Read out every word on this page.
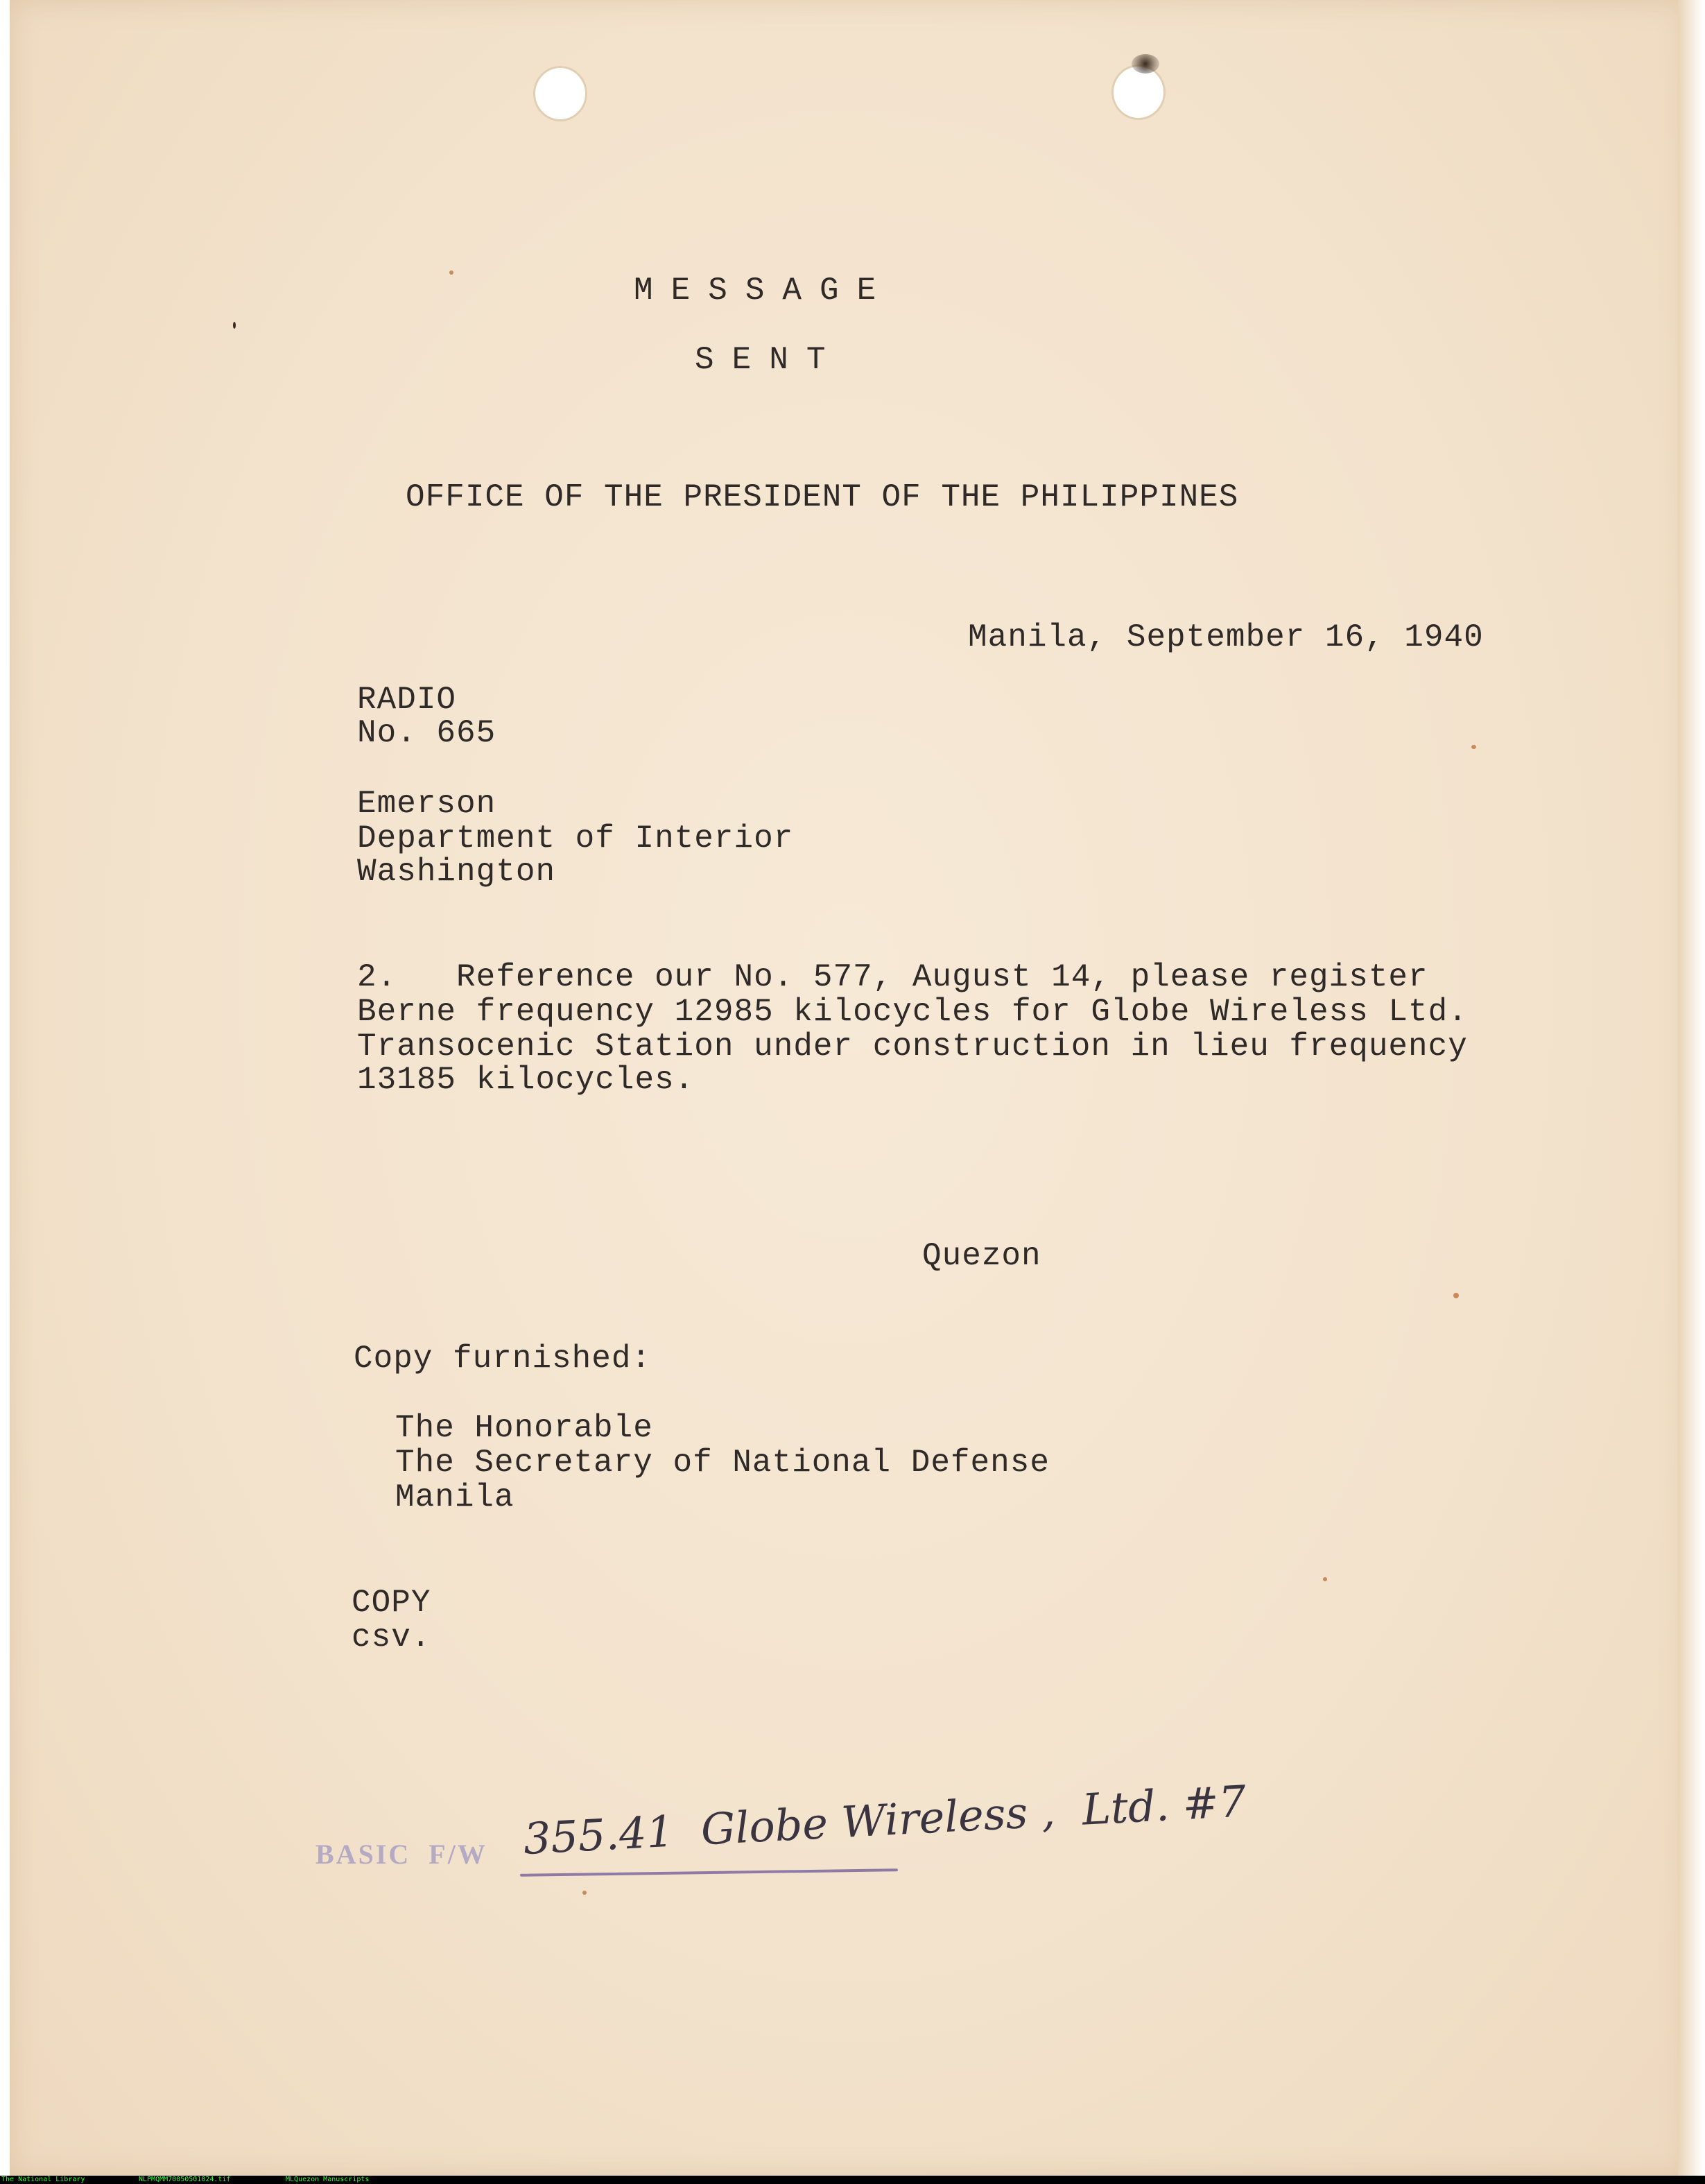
MESSAGE

SENT

OFFICE OF THE PRESIDENT OF THE PHILIPPINES

Manila, September 16, 1940

RADIO

No. 665

Emerson

Department of Interior

Washington

2.   Reference our No. 577, August 14, please register

Berne frequency 12985 kilocycles for Globe Wireless Ltd.

Transocenic Station under construction in lieu frequency

13185 kilocycles.

Quezon

Copy furnished:

The Honorable

The Secretary of National Defense

Manila

COPY

csv.

BASIC  F/W 355.41  Globe Wireless ,  Ltd. #7

The National Library	NLPMQMM70050501024.tif	MLQuezon Manuscripts
